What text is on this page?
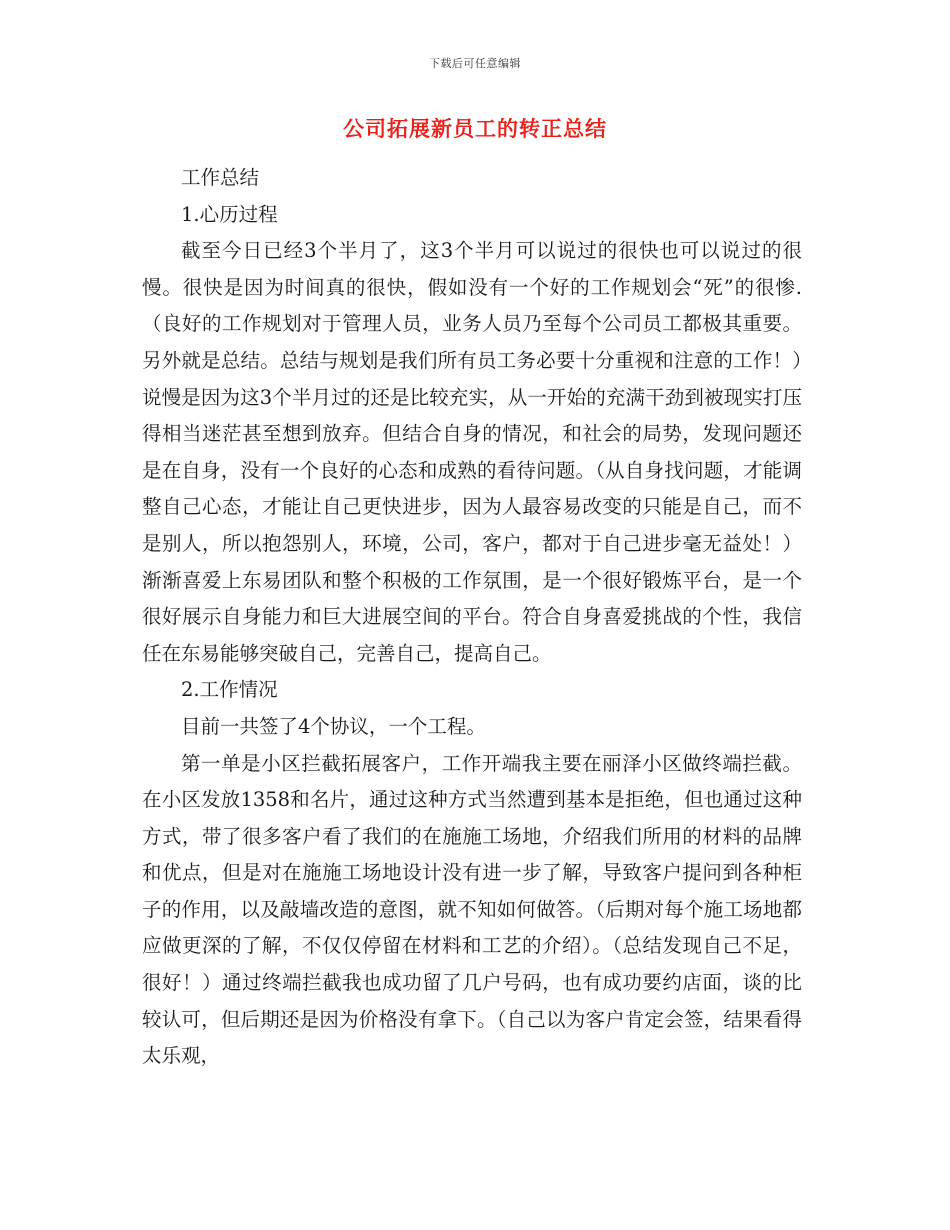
下载后可任意编辑
公司拓展新员工的转正总结

工作总结

1.心历过程

截至今日已经3个半月了，这3个半月可以说过的很快也可以说过的很慢。很快是因为时间真的很快，假如没有一个好的工作规划会“死”的很惨.（良好的工作规划对于管理人员，业务人员乃至每个公司员工都极其重要。另外就是总结。总结与规划是我们所有员工务必要十分重视和注意的工作！）说慢是因为这3个半月过的还是比较充实，从一开始的充满干劲到被现实打压得相当迷茫甚至想到放弃。但结合自身的情况，和社会的局势，发现问题还是在自身，没有一个良好的心态和成熟的看待问题。（从自身找问题，才能调整自己心态，才能让自己更快进步，因为人最容易改变的只能是自己，而不是别人，所以抱怨别人，环境，公司，客户，都对于自己进步毫无益处！）渐渐喜爱上东易团队和整个积极的工作氛围，是一个很好锻炼平台，是一个很好展示自身能力和巨大进展空间的平台。符合自身喜爱挑战的个性，我信任在东易能够突破自己，完善自己，提高自己。

2.工作情况

目前一共签了4个协议，一个工程。

第一单是小区拦截拓展客户，工作开端我主要在丽泽小区做终端拦截。在小区发放1358和名片，通过这种方式当然遭到基本是拒绝，但也通过这种方式，带了很多客户看了我们的在施施工场地，介绍我们所用的材料的品牌和优点，但是对在施施工场地设计没有进一步了解，导致客户提问到各种柜子的作用，以及敲墙改造的意图，就不知如何做答。（后期对每个施工场地都应做更深的了解，不仅仅停留在材料和工艺的介绍）。（总结发现自己不足，很好！）通过终端拦截我也成功留了几户号码，也有成功要约店面，谈的比较认可，但后期还是因为价格没有拿下。（自己以为客户肯定会签，结果看得太乐观，
